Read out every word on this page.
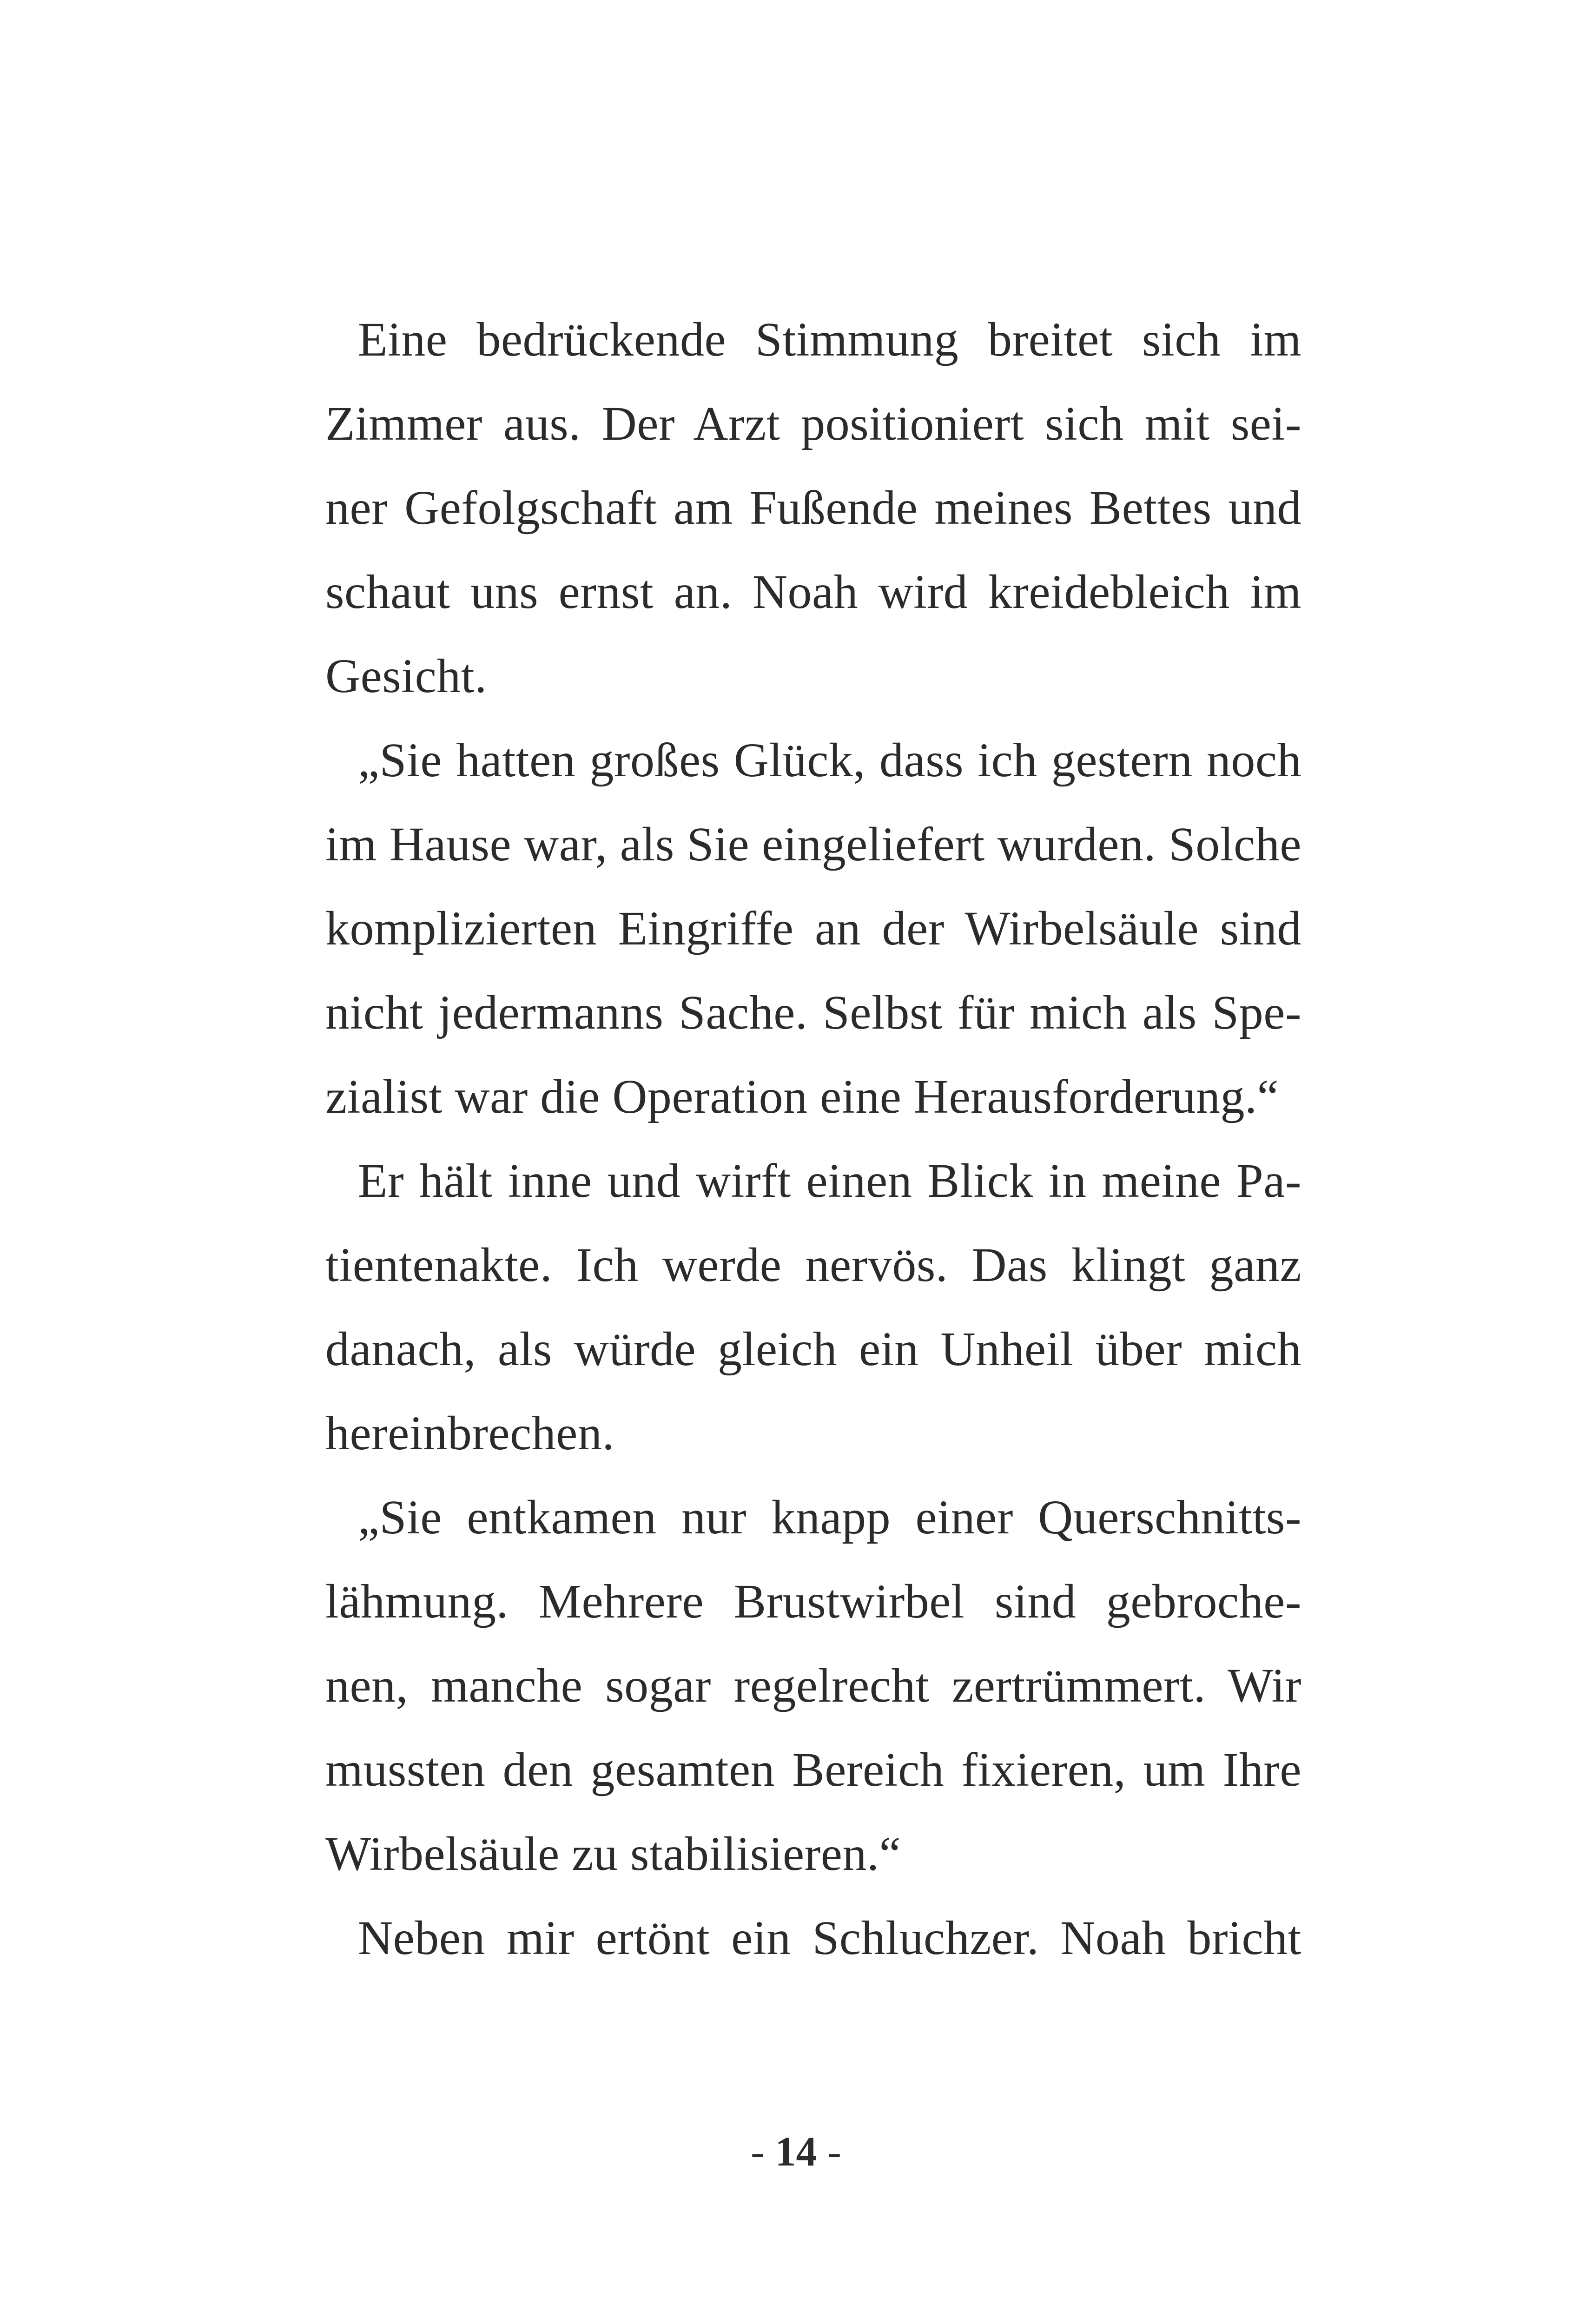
Eine bedrückende Stimmung breitet sich im
Zimmer aus. Der Arzt positioniert sich mit sei-
ner Gefolgschaft am Fußende meines Bettes und
schaut uns ernst an. Noah wird kreidebleich im
Gesicht.
„Sie hatten großes Glück, dass ich gestern noch
im Hause war, als Sie eingeliefert wurden. Solche
komplizierten Eingriffe an der Wirbelsäule sind
nicht jedermanns Sache. Selbst für mich als Spe-
zialist war die Operation eine Herausforderung.“
Er hält inne und wirft einen Blick in meine Pa-
tientenakte. Ich werde nervös. Das klingt ganz
danach, als würde gleich ein Unheil über mich
hereinbrechen.
„Sie entkamen nur knapp einer Querschnitts-
lähmung. Mehrere Brustwirbel sind gebroche-
nen, manche sogar regelrecht zertrümmert. Wir
mussten den gesamten Bereich fixieren, um Ihre
Wirbelsäule zu stabilisieren.“
Neben mir ertönt ein Schluchzer. Noah bricht
- 14 -
